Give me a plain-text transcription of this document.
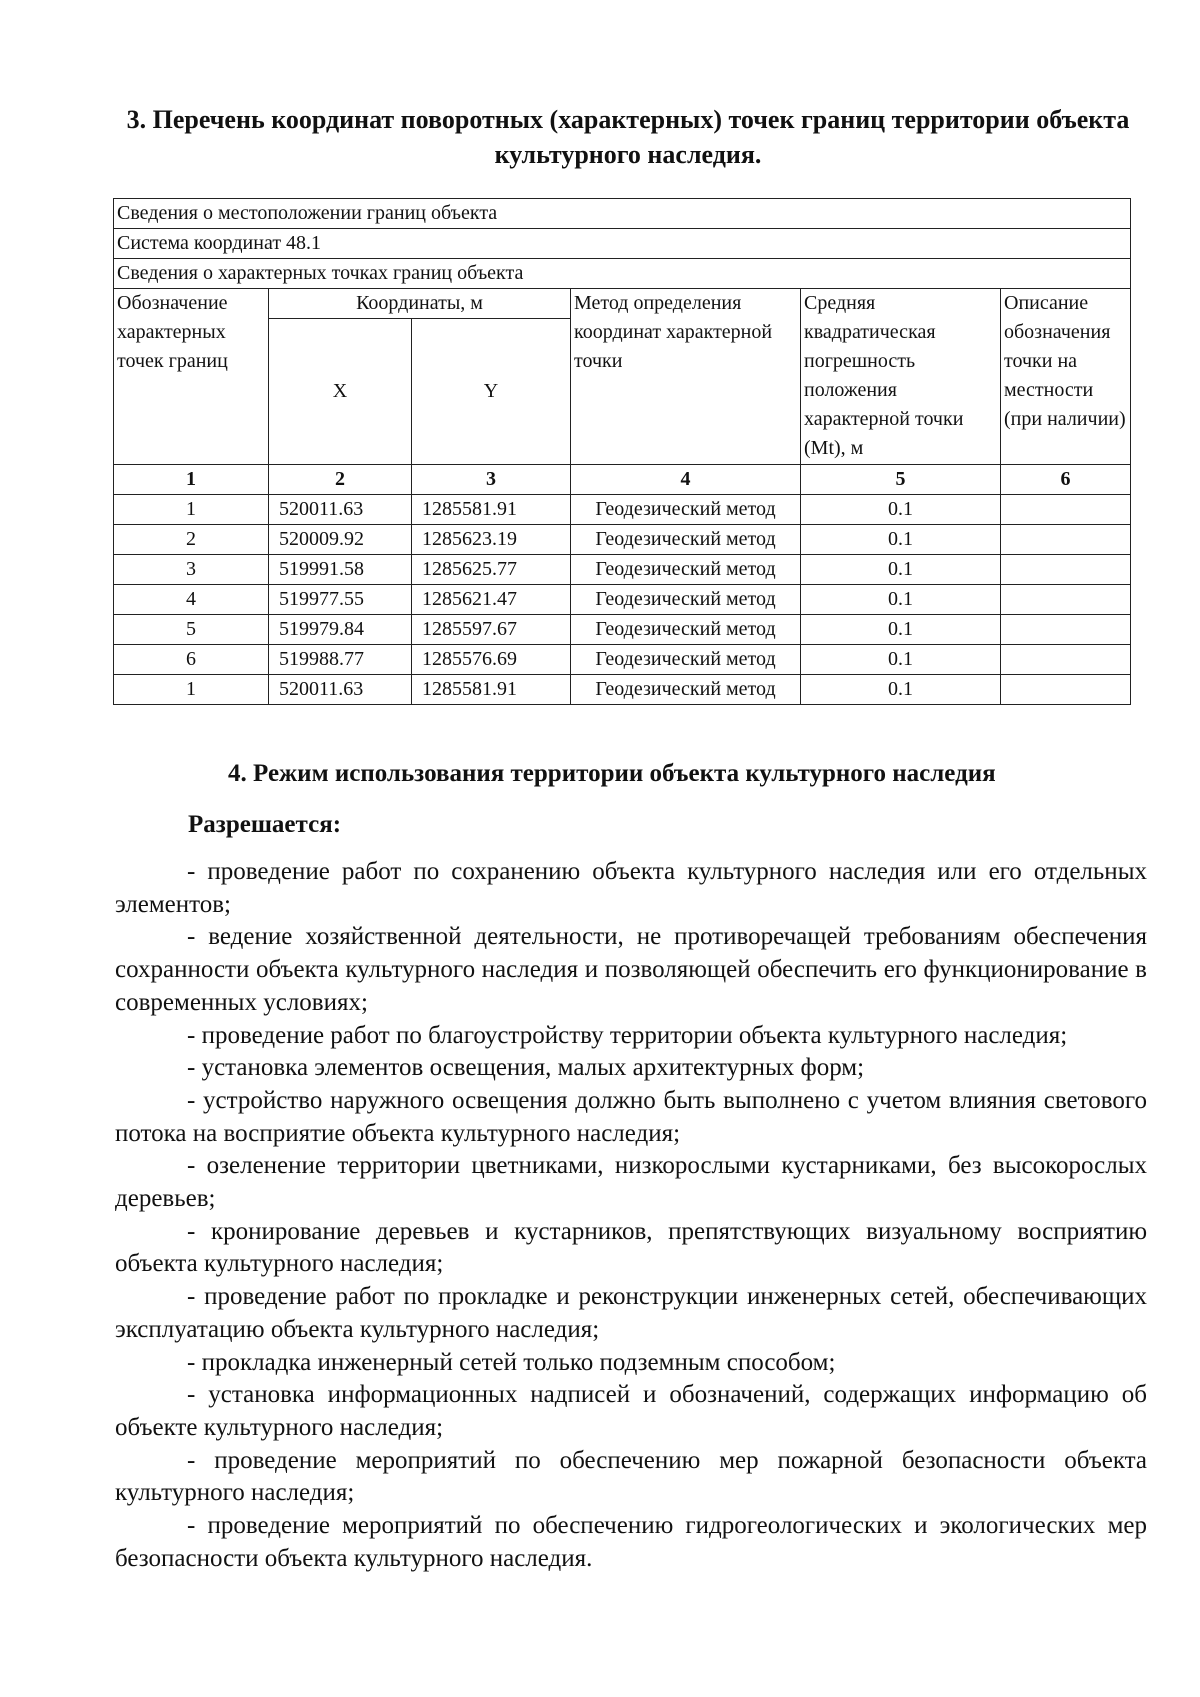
3. Перечень координат поворотных (характерных) точек границ территории объекта культурного наследия.
Сведения о местоположении границ объекта					
Система координат 48.1					
Сведения о характерных точках границ объекта					
Обозначение характерных точек границ	Координаты, м		Метод определения координат характерной точки	Средняя квадратическая погрешность положения характерной точки (Mt), м	Описание обозначения точки на местности (при наличии)
	X	Y			
1	2	3	4	5	6
1	520011.63	1285581.91	Геодезический метод	0.1	
2	520009.92	1285623.19	Геодезический метод	0.1	
3	519991.58	1285625.77	Геодезический метод	0.1	
4	519977.55	1285621.47	Геодезический метод	0.1	
5	519979.84	1285597.67	Геодезический метод	0.1	
6	519988.77	1285576.69	Геодезический метод	0.1	
1	520011.63	1285581.91	Геодезический метод	0.1	
4. Режим использования территории объекта культурного наследия
Разрешается:

- проведение работ по сохранению объекта культурного наследия или его отдельных элементов;

- ведение хозяйственной деятельности, не противоречащей требованиям обеспечения сохранности объекта культурного наследия и позволяющей обеспечить его функционирование в современных условиях;

- проведение работ по благоустройству территории объекта культурного наследия;

- установка элементов освещения, малых архитектурных форм;

- устройство наружного освещения должно быть выполнено с учетом влияния светового потока на восприятие объекта культурного наследия;

- озеленение территории цветниками, низкорослыми кустарниками, без высокорослых деревьев;

- кронирование деревьев и кустарников, препятствующих визуальному восприятию объекта культурного наследия;

- проведение работ по прокладке и реконструкции инженерных сетей, обеспечивающих эксплуатацию объекта культурного наследия;

- прокладка инженерный сетей только подземным способом;

- установка информационных надписей и обозначений, содержащих информацию об объекте культурного наследия;

- проведение мероприятий по обеспечению мер пожарной безопасности объекта культурного наследия;

- проведение мероприятий по обеспечению гидрогеологических и экологических мер безопасности объекта культурного наследия.
